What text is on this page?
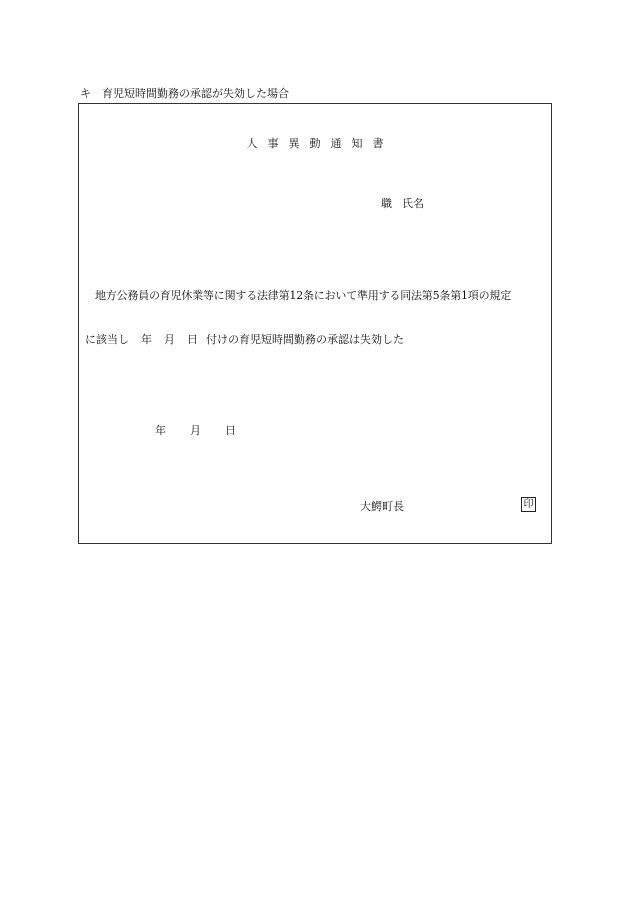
キ 育児短時間勤務の承認が失効した場合
人事異動通知書
職 氏名
地方公務員の育児休業等に関する法律第12条において準用する同法第5条第1項の規定
に該当し 年 月 日 付けの育児短時間勤務の承認は失効した
年 月 日
大鰐町長	印
